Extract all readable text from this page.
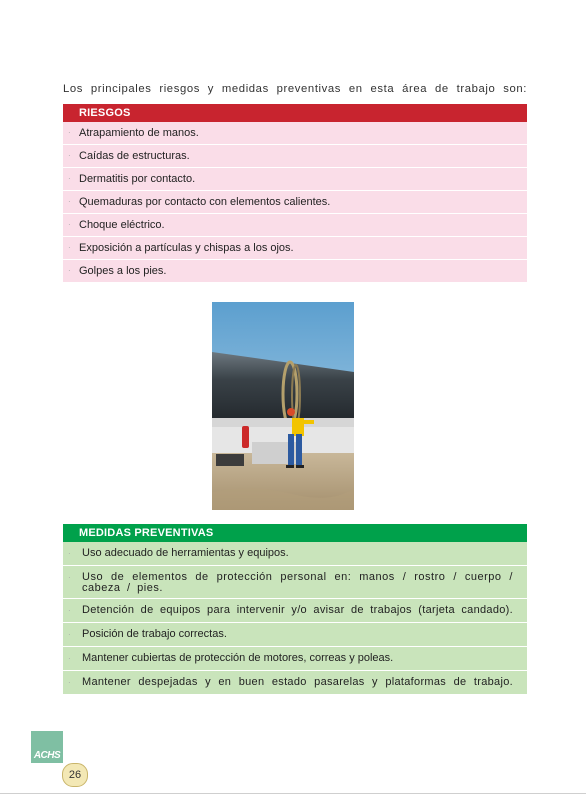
Los principales riesgos y medidas preventivas en esta área de trabajo son:

RIESGOS
· Atrapamiento de manos.
· Caídas de estructuras.
· Dermatitis por contacto.
· Quemaduras por contacto con elementos calientes.
· Choque eléctrico.
· Exposición a partículas y chispas a los ojos.
· Golpes a los pies.
MEDIDAS PREVENTIVAS
· Uso adecuado de herramientas y equipos.
· Uso de elementos de protección personal en: manos / rostro / cuerpo / cabeza / pies.
· Detención de equipos para intervenir y/o avisar de trabajos (tarjeta candado).
· Posición de trabajo correctas.
· Mantener cubiertas de protección de motores, correas y poleas.
· Mantener despejadas y en buen estado pasarelas y plataformas de trabajo.
ACHS
26
